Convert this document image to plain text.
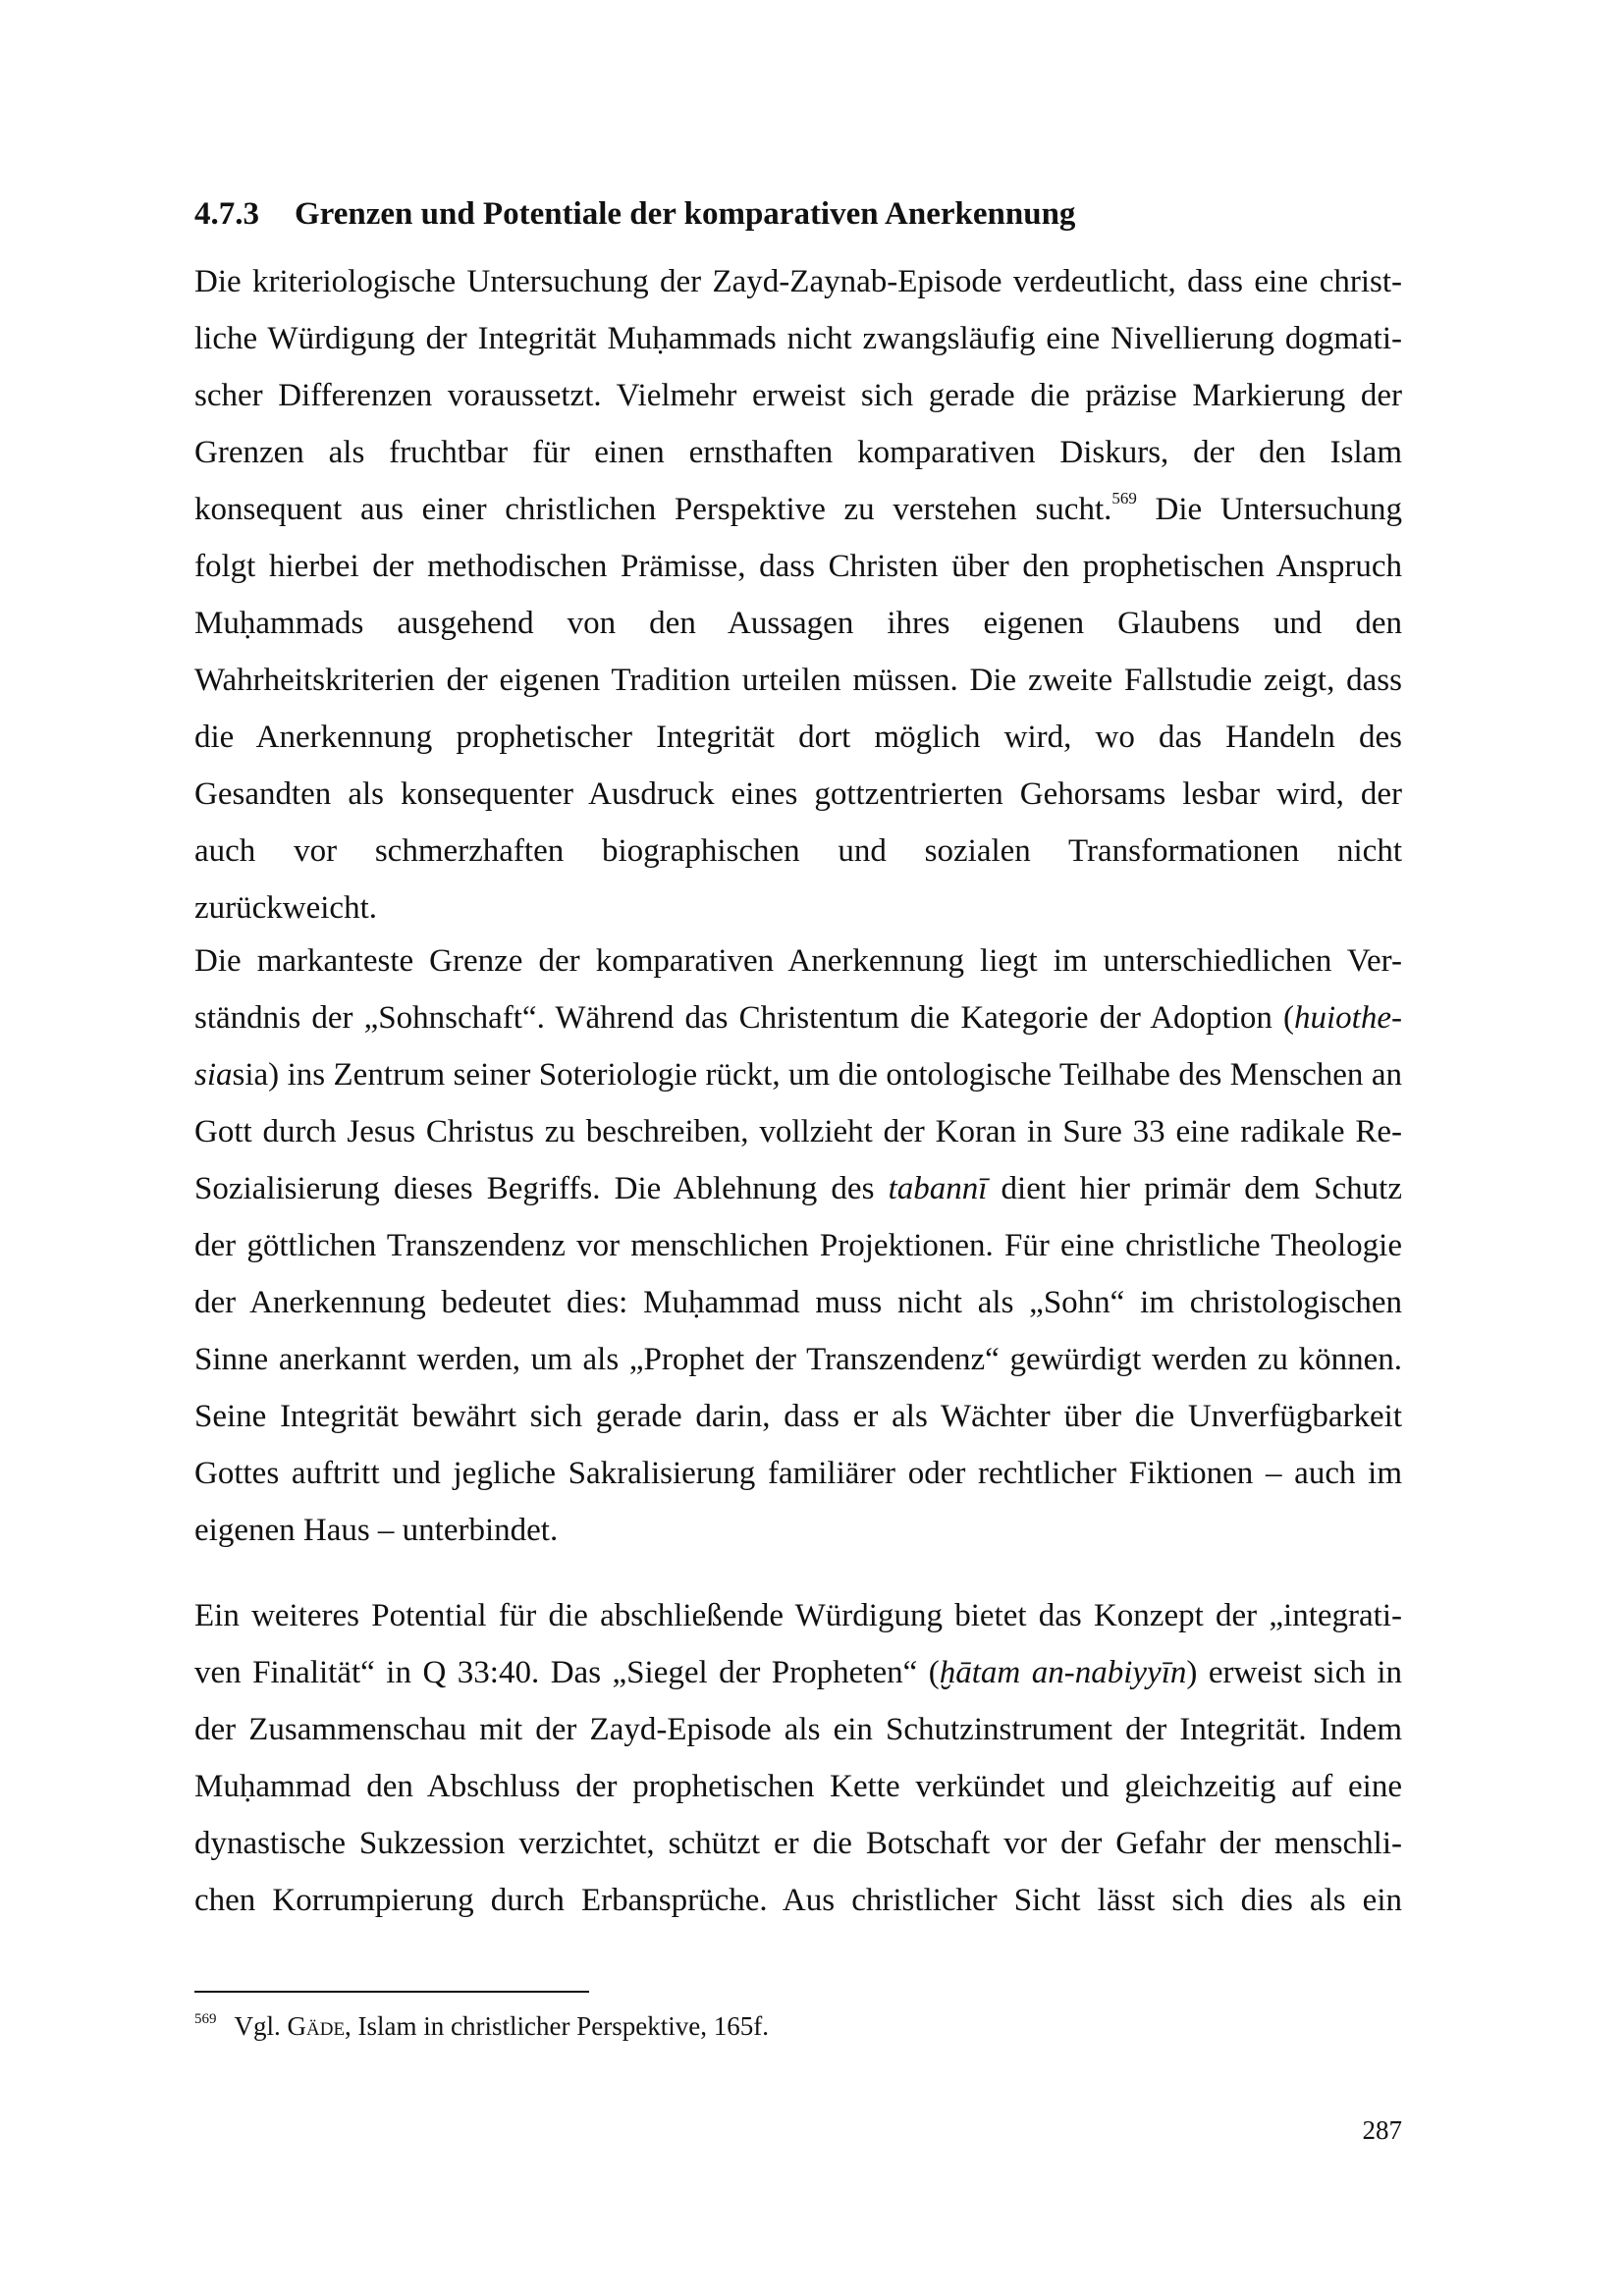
4.7.3 Grenzen und Potentiale der komparativen Anerkennung
Die kriteriologische Untersuchung der Zayd-Zaynab-Episode verdeutlicht, dass eine christ-
liche Würdigung der Integrität Muḥammads nicht zwangsläufig eine Nivellierung dogmati-
scher Differenzen voraussetzt. Vielmehr erweist sich gerade die präzise Markierung der
Grenzen als fruchtbar für einen ernsthaften komparativen Diskurs, der den Islam
konsequent aus einer christlichen Perspektive zu verstehen sucht.$^{569}$ Die Untersuchung
folgt hierbei der methodischen Prämisse, dass Christen über den prophetischen Anspruch
Muḥammads ausgehend von den Aussagen ihres eigenen Glaubens und den
Wahrheitskriterien der eigenen Tradition urteilen müssen. Die zweite Fallstudie zeigt, dass
die Anerkennung prophetischer Integrität dort möglich wird, wo das Handeln des
Gesandten als konsequenter Ausdruck eines gottzentrierten Gehorsams lesbar wird, der
auch vor schmerzhaften biographischen und sozialen Transformationen nicht
zurückweicht.
Die markanteste Grenze der komparativen Anerkennung liegt im unterschiedlichen Ver-
ständnis der „Sohnschaft“. Während das Christentum die Kategorie der Adoption (huiothe-
siasia) ins Zentrum seiner Soteriologie rückt, um die ontologische Teilhabe des Menschen an
Gott durch Jesus Christus zu beschreiben, vollzieht der Koran in Sure 33 eine radikale Re-
Sozialisierung dieses Begriffs. Die Ablehnung des tabannī dient hier primär dem Schutz
der göttlichen Transzendenz vor menschlichen Projektionen. Für eine christliche Theologie
der Anerkennung bedeutet dies: Muḥammad muss nicht als „Sohn“ im christologischen
Sinne anerkannt werden, um als „Prophet der Transzendenz“ gewürdigt werden zu können.
Seine Integrität bewährt sich gerade darin, dass er als Wächter über die Unverfügbarkeit
Gottes auftritt und jegliche Sakralisierung familiärer oder rechtlicher Fiktionen – auch im
eigenen Haus – unterbindet.
Ein weiteres Potential für die abschließende Würdigung bietet das Konzept der „integrati-
ven Finalität“ in Q 33:40. Das „Siegel der Propheten“ (ḫātam an-nabiyyīn) erweist sich in
der Zusammenschau mit der Zayd-Episode als ein Schutzinstrument der Integrität. Indem
Muḥammad den Abschluss der prophetischen Kette verkündet und gleichzeitig auf eine
dynastische Sukzession verzichtet, schützt er die Botschaft vor der Gefahr der menschli-
chen Korrumpierung durch Erbansprüche. Aus christlicher Sicht lässt sich dies als ein

$^{569}$ Vgl. Gäde, Islam in christlicher Perspektive, 165f.

287
